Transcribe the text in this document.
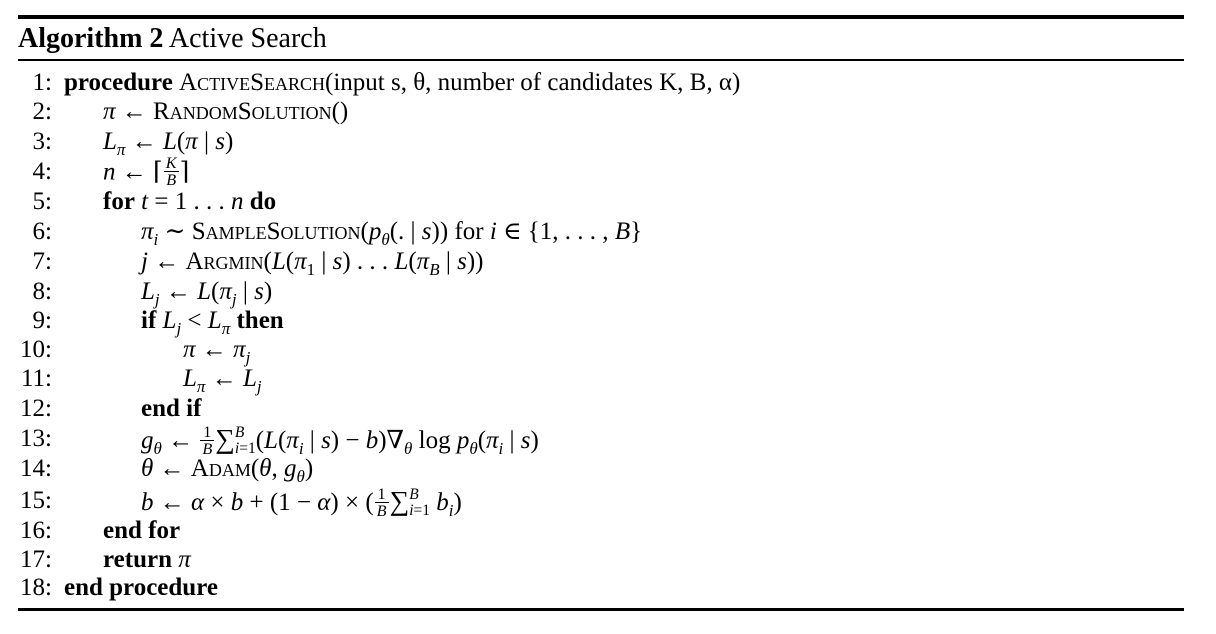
Algorithm 2 Active Search
1: procedure ActiveSearch(input s, θ, number of candidates K, B, α)
2: π ← RandomSolution()
3: $L_\pi$ ← L(π | s)
4: n ← ⌈ $\frac{K}{B}$ ⌉
5: for t = 1 . . . n do
6:	$\pi_i$ ∼ $SampleSolution(p_\theta$(. | s)) for i ∈ {1, . . . , B}
7:	j ← $Argmin(L(\pi_1$ | s) . . . $L(\pi_B$ | s))
8:	$L_j$ ← $L(\pi_j$ | s)
9:	if $L_j < L_\pi$ then
10:	π ← $\pi_j$
11:	$L_\pi$ ← $L_j$
12:	end if
13:	$g_\theta$ ← $\frac{1}{B}$ ∑ B
i=1 ($L(\pi_i$ | $s) - b)\nabla_\theta$ $\log p_\theta(\pi_i$ | s)
14:	θ ← Adam(θ, $g_\theta$)
15:	b ← α × b + (1 − α) × ( $\frac{1}{B}$ ∑ B
i=1 $b_i$)
16: end for
17: return π
18: end procedure
